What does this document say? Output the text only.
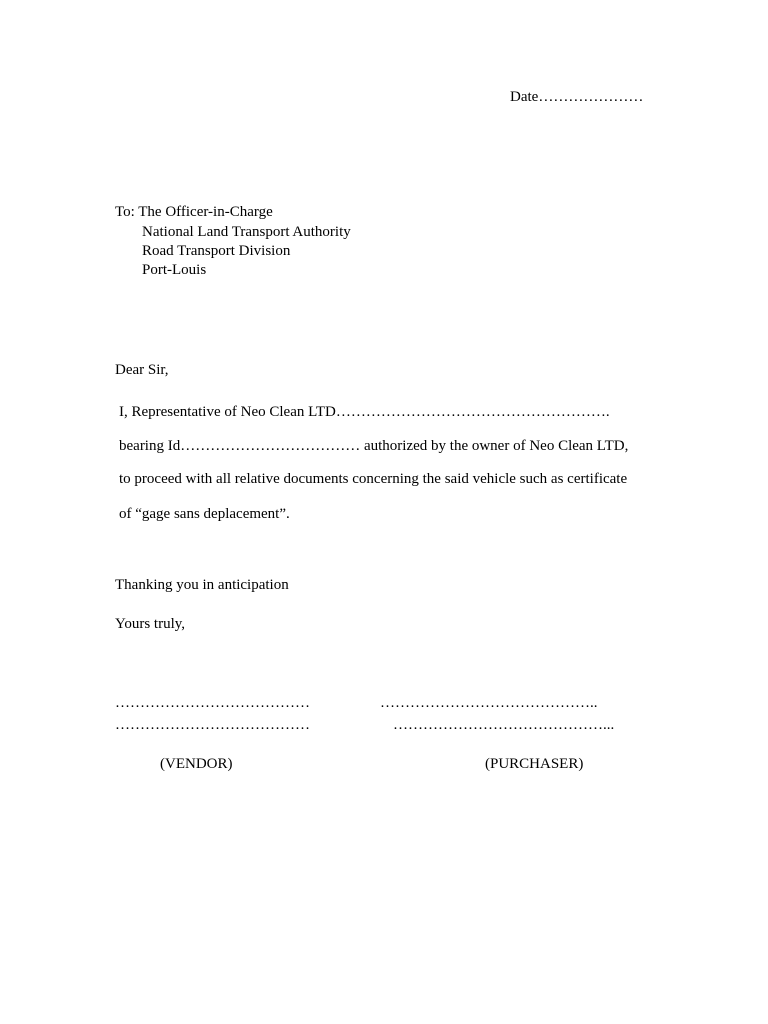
Date…………………
To: The Officer-in-Charge
National Land Transport Authority
Road Transport Division
Port-Louis
Dear Sir,
I, Representative of Neo Clean LTD……………………………………………….
bearing Id……………………………… authorized by the owner of Neo Clean LTD,
to proceed with all relative documents concerning the said vehicle such as certificate
of “gage sans deplacement”.
Thanking you in anticipation
Yours truly,
…………………………………
…………………………………
……………………………………..
……………………………………...
(VENDOR)	(PURCHASER)
